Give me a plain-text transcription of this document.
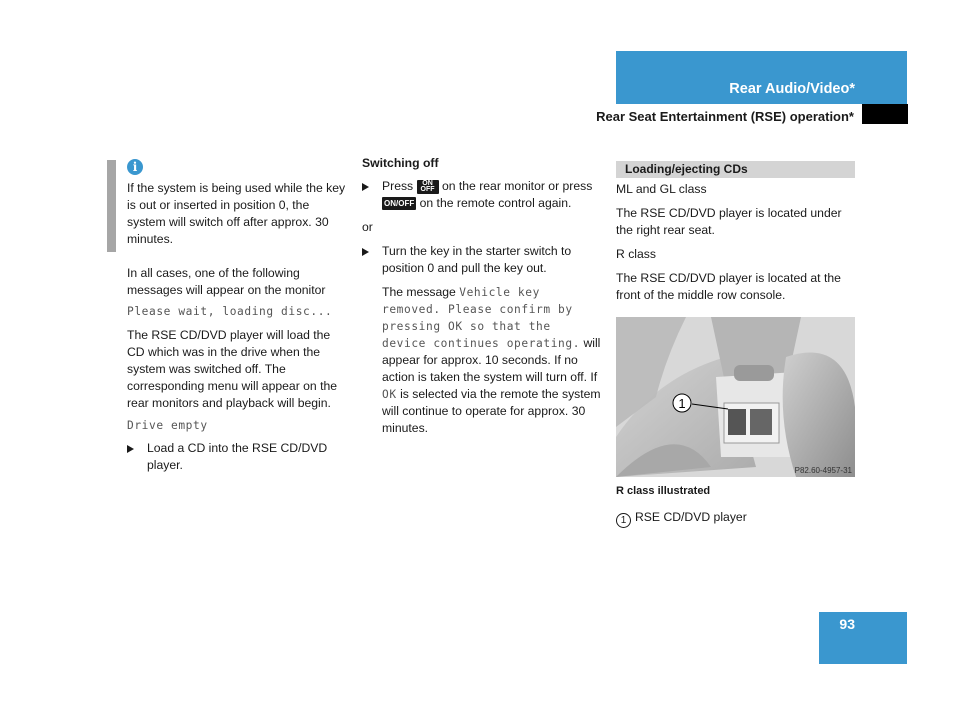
Rear Audio/Video*
Rear Seat Entertainment (RSE) operation*
i

If the system is being used while the key is out or inserted in position 0, the system will switch off after approx. 30 minutes.

In all cases, one of the following messages will appear on the monitor

Please wait, loading disc...

The RSE CD/DVD player will load the CD which was in the drive when the system was switched off. The corresponding menu will appear on the rear monitors and playback will begin.

Drive empty

Load a CD into the RSE CD/DVD player.

Switching off

Press ON
OFF on the rear monitor or press ON/OFF on the remote control again.

or

Turn the key in the starter switch to position 0 and pull the key out.

The message Vehicle key removed. Please confirm by pressing OK so that the device continues operating. will appear for approx. 10 seconds. If no action is taken the system will turn off. If OK is selected via the remote the system will continue to operate for approx. 30 minutes.

Loading/ejecting CDs

ML and GL class

The RSE CD/DVD player is located under the right rear seat.

R class

The RSE CD/DVD player is located at the front of the middle row console.

1
P82.60-4957-31

R class illustrated

1 RSE CD/DVD player

93
